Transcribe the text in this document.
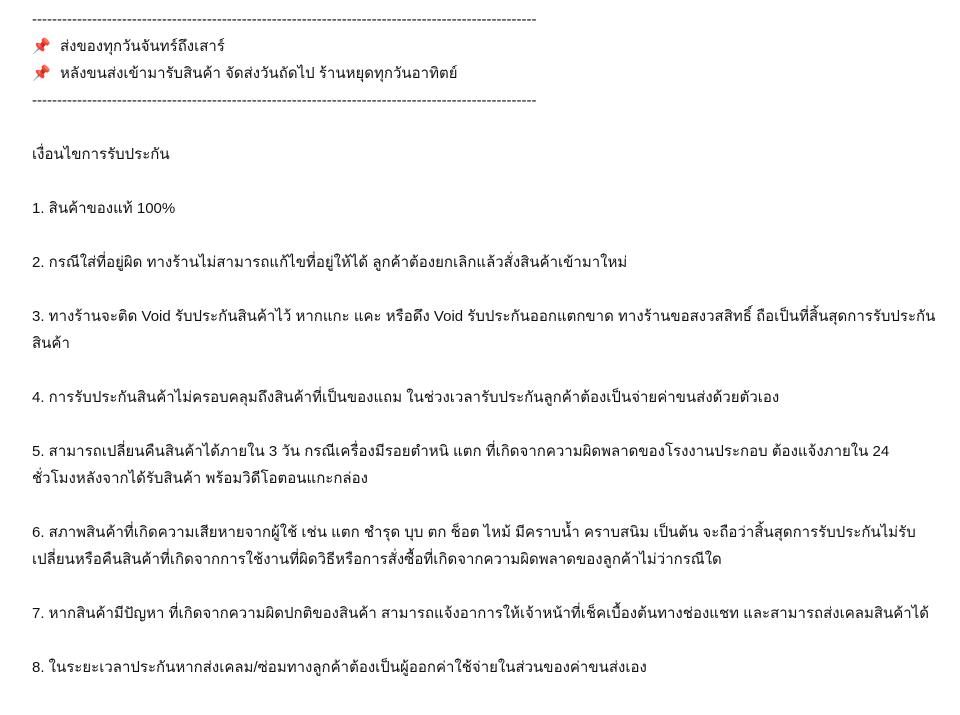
-----------------------------------------------------------------------------------------------------
📌 ส่งของทุกวันจันทร์ถึงเสาร์
📌 หลังขนส่งเข้ามารับสินค้า จัดส่งวันถัดไป ร้านหยุดทุกวันอาทิตย์
-----------------------------------------------------------------------------------------------------
เงื่อนไขการรับประกัน
1. สินค้าของแท้ 100%
2. กรณีใส่ที่อยู่ผิด ทางร้านไม่สามารถแก้ไขที่อยู่ให้ได้ ลูกค้าต้องยกเลิกแล้วสั่งสินค้าเข้ามาใหม่
3. ทางร้านจะติด Void รับประกันสินค้าไว้ หากแกะ แคะ หรือดึง Void รับประกันออกแตกขาด ทางร้านขอสงวสสิทธิ์ ถือเป็นที่สิ้นสุดการรับประกันสินค้า
4. การรับประกันสินค้าไม่ครอบคลุมถึงสินค้าที่เป็นของแถม ในช่วงเวลารับประกันลูกค้าต้องเป็นจ่ายค่าขนส่งด้วยตัวเอง
5. สามารถเปลี่ยนคืนสินค้าได้ภายใน 3 วัน กรณีเครื่องมีรอยตำหนิ แตก ที่เกิดจากความผิดพลาดของโรงงานประกอบ ต้องแจ้งภายใน 24 ชั่วโมงหลังจากได้รับสินค้า พร้อมวิดีโอตอนแกะกล่อง
6. สภาพสินค้าที่เกิดความเสียหายจากผู้ใช้ เช่น แตก ชำรุด บุบ ตก ช็อต ไหม้ มีคราบน้ำ คราบสนิม เป็นต้น จะถือว่าสิ้นสุดการรับประกันไม่รับเปลี่ยนหรือคืนสินค้าที่เกิดจากการใช้งานที่ผิดวิธีหรือการสั่งซื้อที่เกิดจากความผิดพลาดของลูกค้าไม่ว่ากรณีใด
7. หากสินค้ามีปัญหา ที่เกิดจากความผิดปกติของสินค้า สามารถแจ้งอาการให้เจ้าหน้าที่เช็คเบื้องต้นทางช่องแชท และสามารถส่งเคลมสินค้าได้
8. ในระยะเวลาประกันหากส่งเคลม/ซ่อมทางลูกค้าต้องเป็นผู้ออกค่าใช้จ่ายในส่วนของค่าขนส่งเอง
